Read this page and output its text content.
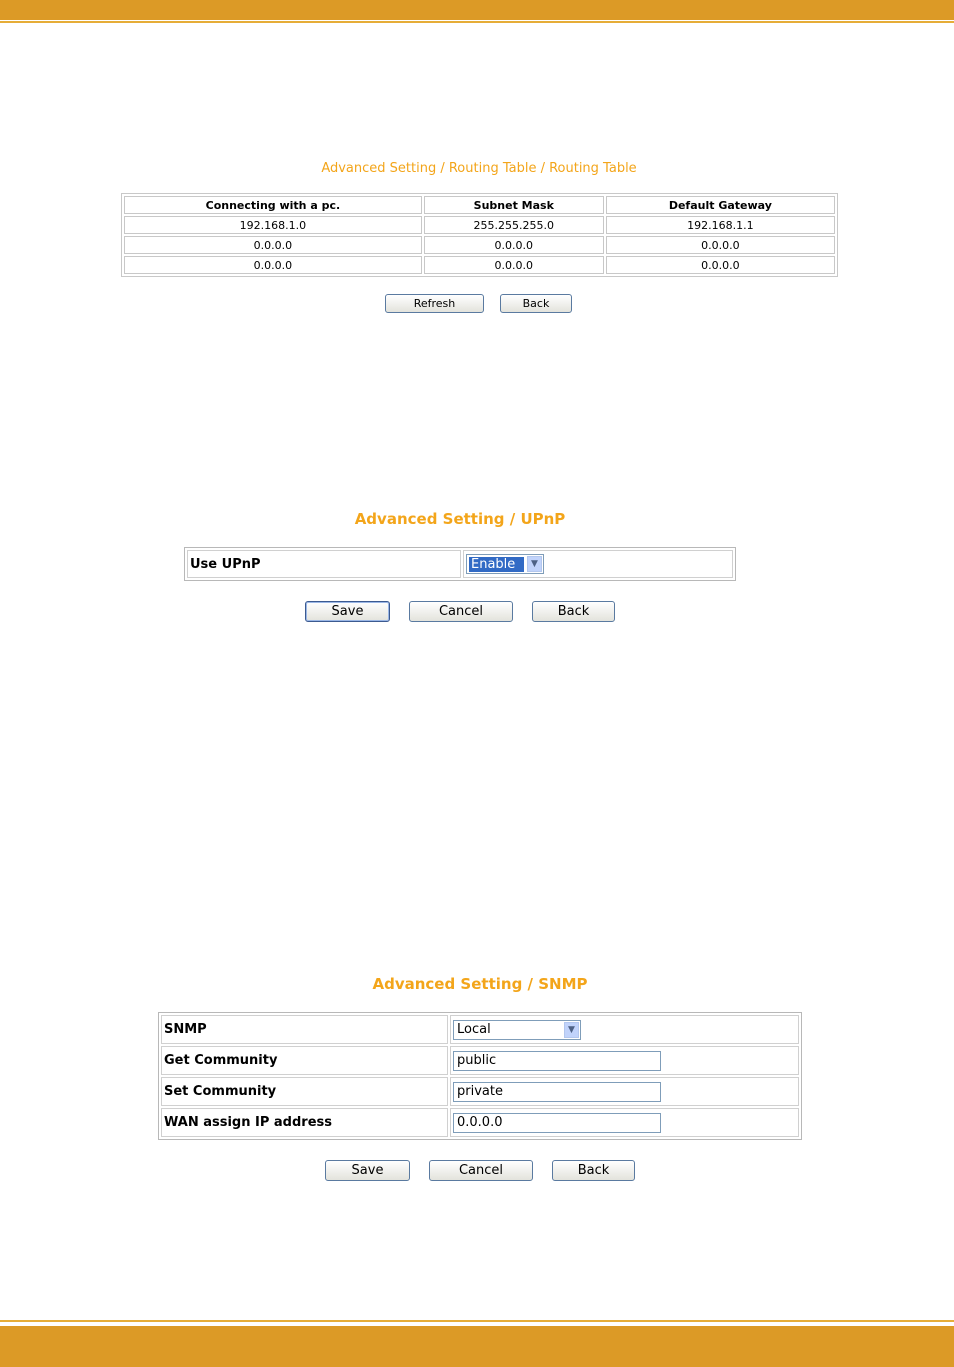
Advanced Setting / Routing Table / Routing Table
Connecting with a pc.	Subnet Mask	Default Gateway
192.168.1.0	255.255.255.0	192.168.1.1
0.0.0.0	0.0.0.0	0.0.0.0
0.0.0.0	0.0.0.0	0.0.0.0
Refresh	Back
Advanced Setting / UPnP
Use UPnP	Enable	▼
Save	Cancel	Back
Advanced Setting / SNMP
SNMP	Local ▼

Get Community	public
Set Community	private
WAN assign IP address	0.0.0.0
Save	Cancel	Back
